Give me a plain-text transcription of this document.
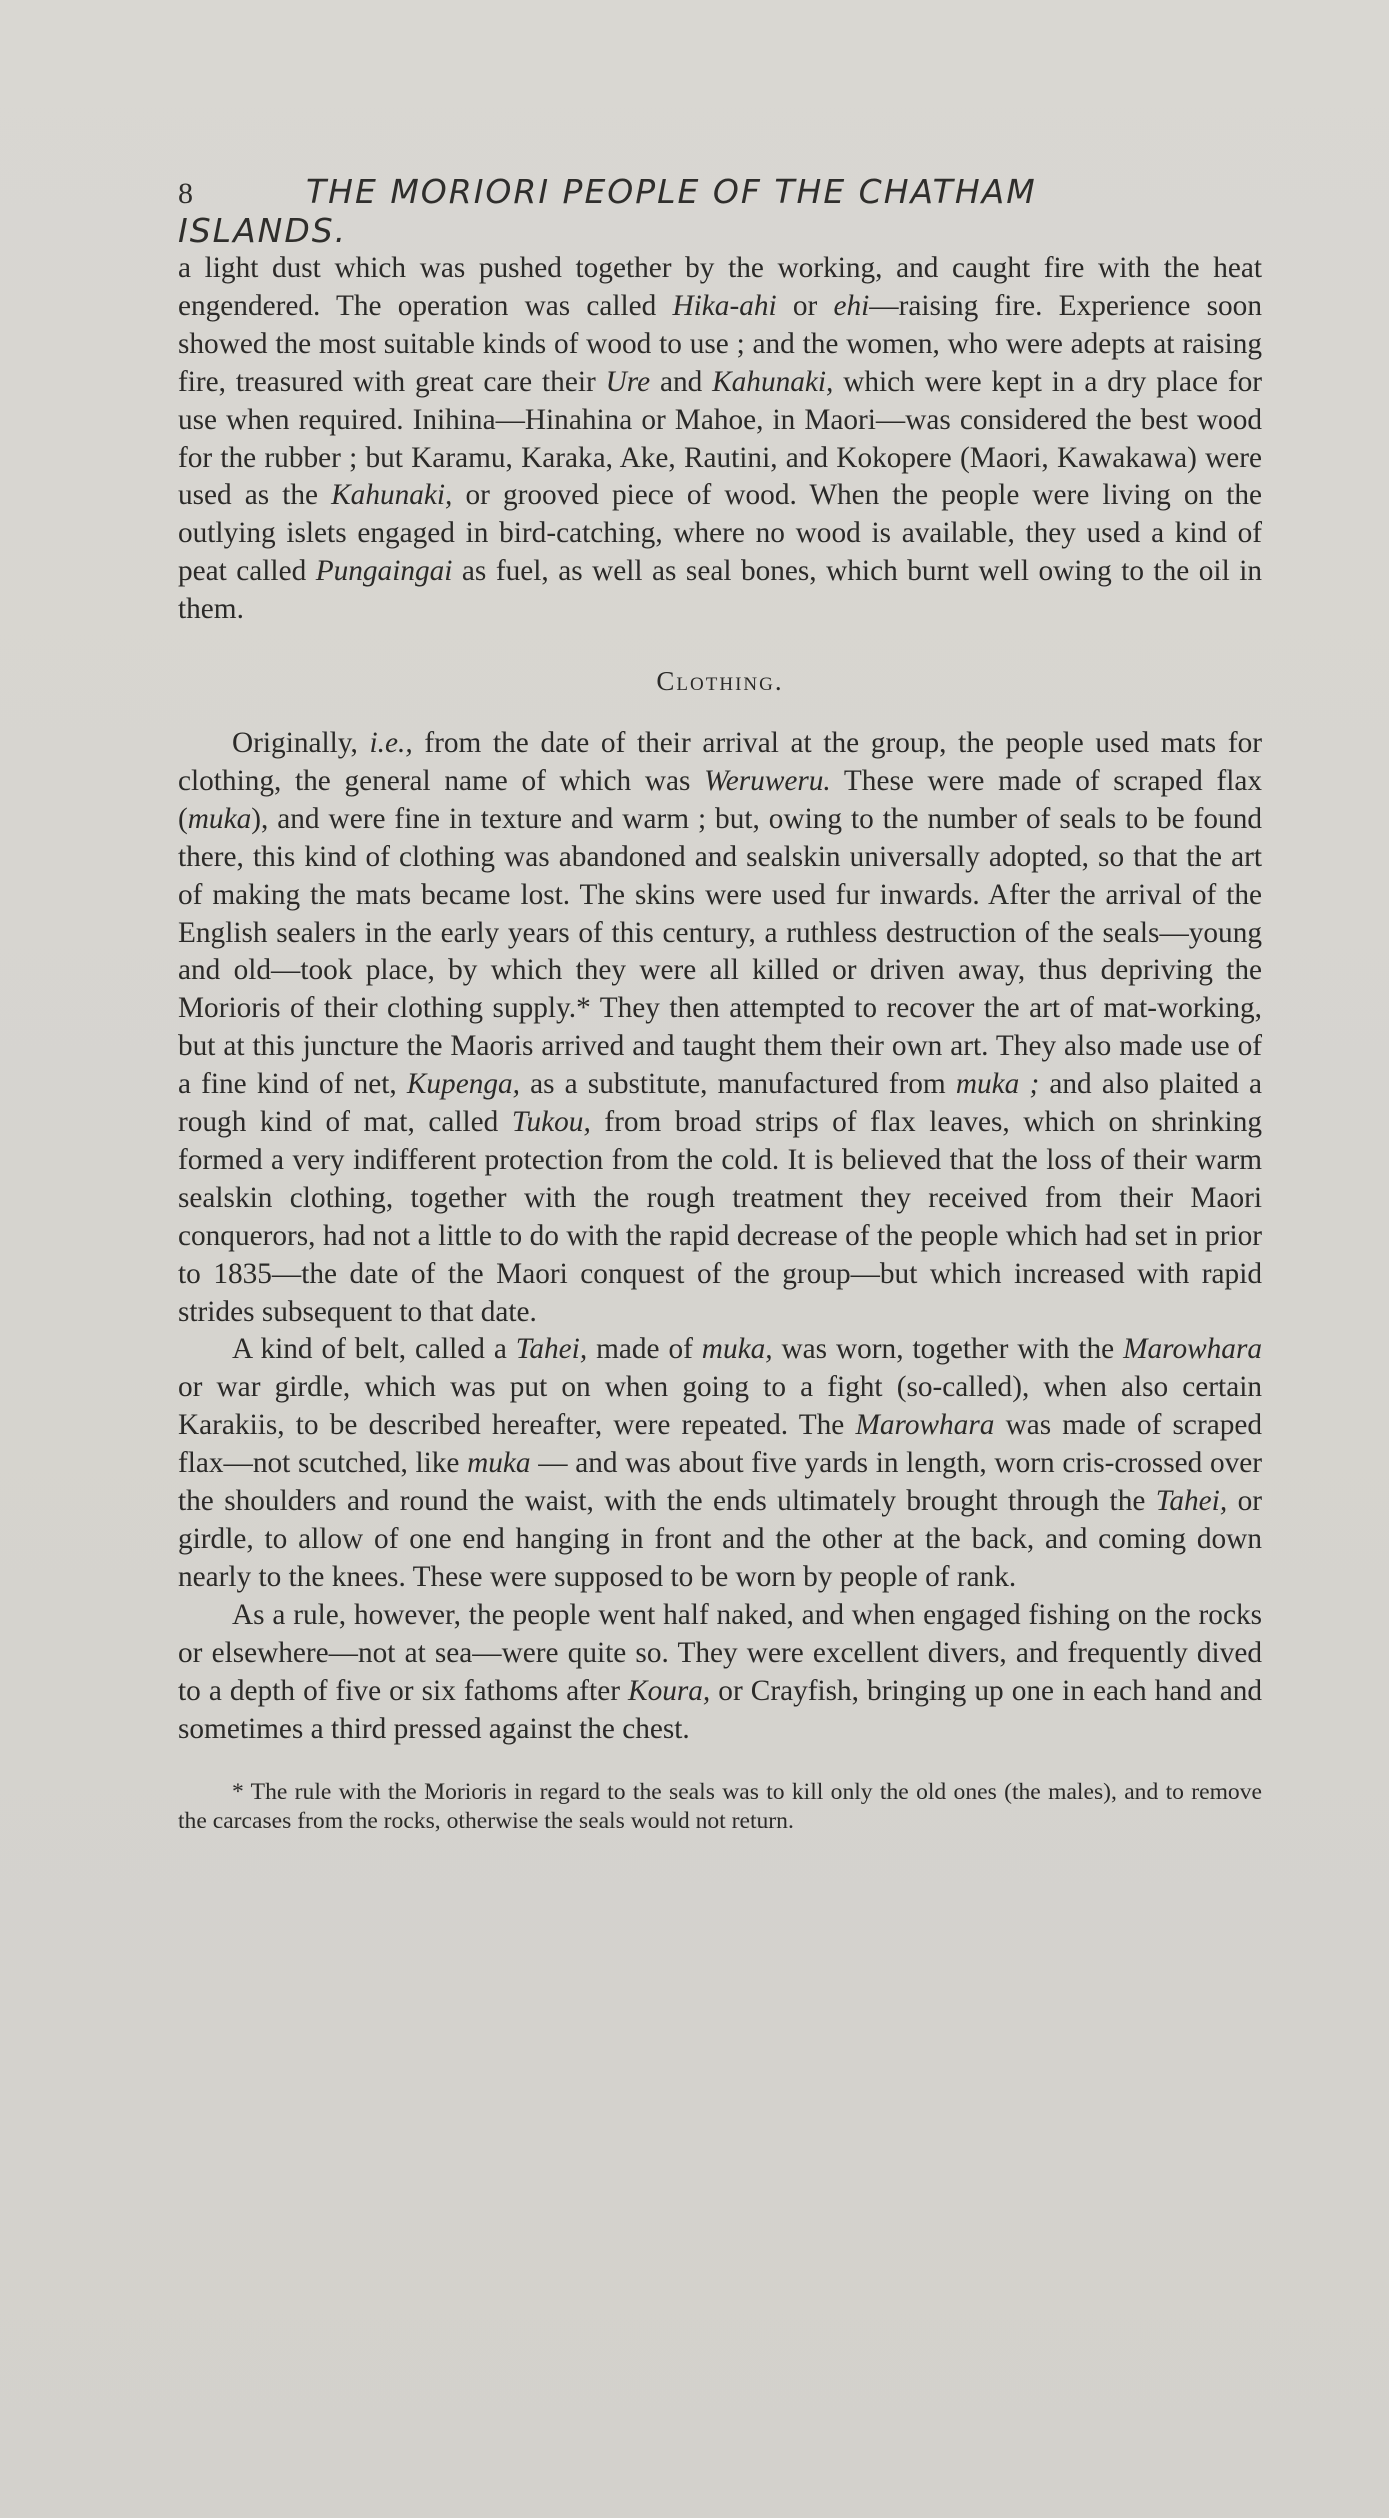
8	THE MORIORI PEOPLE OF THE CHATHAM ISLANDS.

a light dust which was pushed together by the working, and caught fire with the heat engendered. The operation was called Hika-ahi or ehi—raising fire. Experience soon showed the most suitable kinds of wood to use ; and the women, who were adepts at raising fire, treasured with great care their Ure and Kahunaki, which were kept in a dry place for use when required. Inihina—Hinahina or Mahoe, in Maori—was considered the best wood for the rubber ; but Karamu, Karaka, Ake, Rautini, and Kokopere (Maori, Kawakawa) were used as the Kahunaki, or grooved piece of wood. When the people were living on the outlying islets engaged in bird-catching, where no wood is available, they used a kind of peat called Pungaingai as fuel, as well as seal bones, which burnt well owing to the oil in them.

Clothing.

Originally, i.e., from the date of their arrival at the group, the people used mats for clothing, the general name of which was Weruweru. These were made of scraped flax (muka), and were fine in texture and warm ; but, owing to the number of seals to be found there, this kind of clothing was abandoned and sealskin universally adopted, so that the art of making the mats became lost. The skins were used fur inwards. After the arrival of the English sealers in the early years of this century, a ruthless destruction of the seals—young and old—took place, by which they were all killed or driven away, thus depriving the Morioris of their clothing supply.* They then attempted to recover the art of mat-working, but at this juncture the Maoris arrived and taught them their own art. They also made use of a fine kind of net, Kupenga, as a substitute, manufactured from muka ; and also plaited a rough kind of mat, called Tukou, from broad strips of flax leaves, which on shrinking formed a very indifferent protection from the cold. It is believed that the loss of their warm sealskin clothing, together with the rough treatment they received from their Maori conquerors, had not a little to do with the rapid decrease of the people which had set in prior to 1835—the date of the Maori conquest of the group—but which increased with rapid strides subsequent to that date.

A kind of belt, called a Tahei, made of muka, was worn, together with the Marowhara or war girdle, which was put on when going to a fight (so-called), when also certain Karakiis, to be described hereafter, were repeated. The Marowhara was made of scraped flax—not scutched, like muka — and was about five yards in length, worn cris-crossed over the shoulders and round the waist, with the ends ultimately brought through the Tahei, or girdle, to allow of one end hanging in front and the other at the back, and coming down nearly to the knees. These were supposed to be worn by people of rank.

As a rule, however, the people went half naked, and when engaged fishing on the rocks or elsewhere—not at sea—were quite so. They were excellent divers, and frequently dived to a depth of five or six fathoms after Koura, or Crayfish, bringing up one in each hand and sometimes a third pressed against the chest.

* The rule with the Morioris in regard to the seals was to kill only the old ones (the males), and to remove the carcases from the rocks, otherwise the seals would not return.
